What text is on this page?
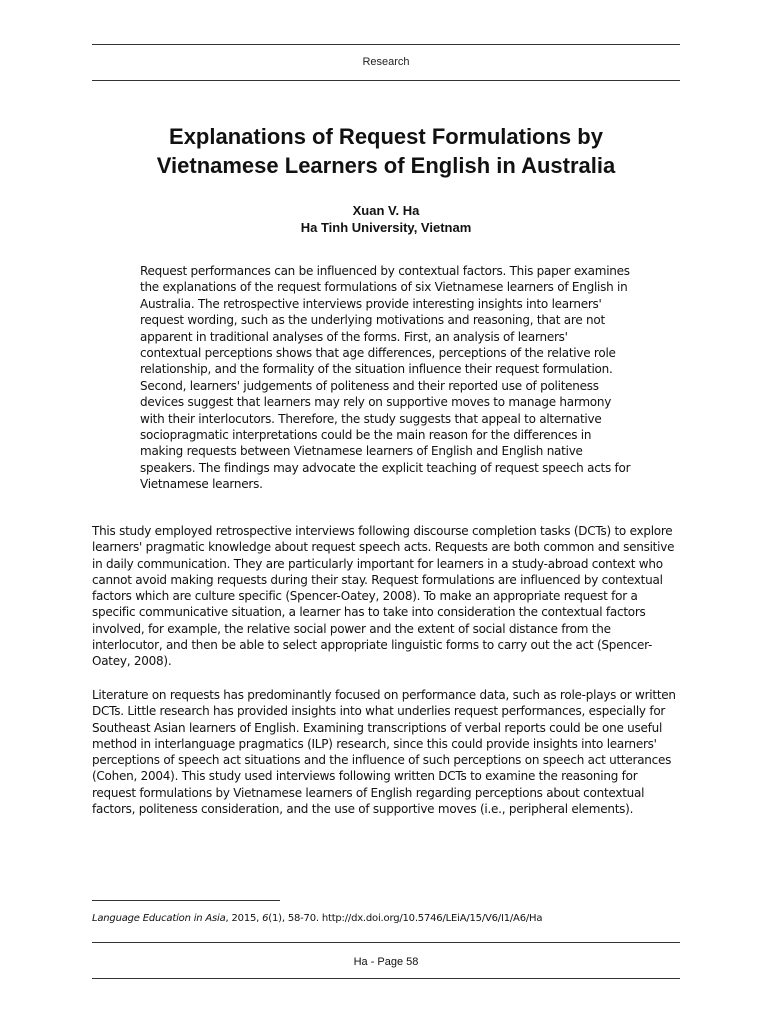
Research
Explanations of Request Formulations by
Vietnamese Learners of English in Australia
Xuan V. Ha
Ha Tinh University, Vietnam
Request performances can be influenced by contextual factors. This paper examines the explanations of the request formulations of six Vietnamese learners of English in Australia. The retrospective interviews provide interesting insights into learners' request wording, such as the underlying motivations and reasoning, that are not apparent in traditional analyses of the forms. First, an analysis of learners' contextual perceptions shows that age differences, perceptions of the relative role relationship, and the formality of the situation influence their request formulation. Second, learners' judgements of politeness and their reported use of politeness devices suggest that learners may rely on supportive moves to manage harmony with their interlocutors. Therefore, the study suggests that appeal to alternative sociopragmatic interpretations could be the main reason for the differences in making requests between Vietnamese learners of English and English native speakers. The findings may advocate the explicit teaching of request speech acts for Vietnamese learners.
This study employed retrospective interviews following discourse completion tasks (DCTs) to explore learners' pragmatic knowledge about request speech acts. Requests are both common and sensitive in daily communication. They are particularly important for learners in a study-abroad context who cannot avoid making requests during their stay. Request formulations are influenced by contextual factors which are culture specific (Spencer-Oatey, 2008). To make an appropriate request for a specific communicative situation, a learner has to take into consideration the contextual factors involved, for example, the relative social power and the extent of social distance from the interlocutor, and then be able to select appropriate linguistic forms to carry out the act (Spencer-Oatey, 2008).
Literature on requests has predominantly focused on performance data, such as role-plays or written DCTs. Little research has provided insights into what underlies request performances, especially for Southeast Asian learners of English. Examining transcriptions of verbal reports could be one useful method in interlanguage pragmatics (ILP) research, since this could provide insights into learners' perceptions of speech act situations and the influence of such perceptions on speech act utterances (Cohen, 2004). This study used interviews following written DCTs to examine the reasoning for request formulations by Vietnamese learners of English regarding perceptions about contextual factors, politeness consideration, and the use of supportive moves (i.e., peripheral elements).
Language Education in Asia, 2015, 6(1), 58-70. http://dx.doi.org/10.5746/LEiA/15/V6/I1/A6/Ha
Ha - Page 58
